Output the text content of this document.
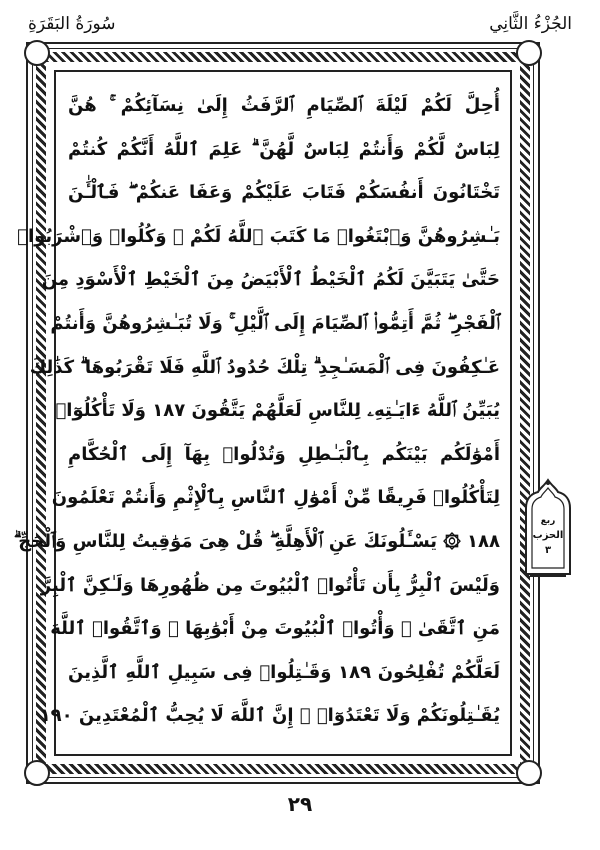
الجُزْءُ الثَّانِي
سُورَةُ البَقَرَةِ
أُحِلَّ لَكُمْ لَيْلَةَ ٱلصِّيَامِ ٱلرَّفَثُ إِلَىٰ نِسَآئِكُمْ ۚ هُنَّ
لِبَاسٌ لَّكُمْ وَأَنتُمْ لِبَاسٌ لَّهُنَّ ۗ عَلِمَ ٱللَّهُ أَنَّكُمْ كُنتُمْ
تَخْتَانُونَ أَنفُسَكُمْ فَتَابَ عَلَيْكُمْ وَعَفَا عَنكُمْ ۖ فَٱلْـَٰٔنَ
بَـٰشِرُوهُنَّ وَٱبْتَغُوا۟ مَا كَتَبَ ٱللَّهُ لَكُمْ ۚ وَكُلُوا۟ وَٱشْرَبُوا۟
حَتَّىٰ يَتَبَيَّنَ لَكُمُ ٱلْخَيْطُ ٱلْأَبْيَضُ مِنَ ٱلْخَيْطِ ٱلْأَسْوَدِ مِنَ
ٱلْفَجْرِ ۖ ثُمَّ أَتِمُّوا۟ ٱلصِّيَامَ إِلَى ٱلَّيْلِ ۚ وَلَا تُبَـٰشِرُوهُنَّ وَأَنتُمْ
عَـٰكِفُونَ فِى ٱلْمَسَـٰجِدِ ۗ تِلْكَ حُدُودُ ٱللَّهِ فَلَا تَقْرَبُوهَا ۗ كَذَٰلِكَ
يُبَيِّنُ ٱللَّهُ ءَايَـٰتِهِۦ لِلنَّاسِ لَعَلَّهُمْ يَتَّقُونَ ١٨٧ وَلَا تَأْكُلُوٓا۟
أَمْوَٰلَكُم بَيْنَكُم بِٱلْبَـٰطِلِ وَتُدْلُوا۟ بِهَآ إِلَى ٱلْحُكَّامِ
لِتَأْكُلُوا۟ فَرِيقًا مِّنْ أَمْوَٰلِ ٱلنَّاسِ بِٱلْإِثْمِ وَأَنتُمْ تَعْلَمُونَ
١٨٨ ۞ يَسْـَٔلُونَكَ عَنِ ٱلْأَهِلَّةِ ۖ قُلْ هِىَ مَوَٰقِيتُ لِلنَّاسِ وَٱلْحَجِّ ۗ
وَلَيْسَ ٱلْبِرُّ بِأَن تَأْتُوا۟ ٱلْبُيُوتَ مِن ظُهُورِهَا وَلَـٰكِنَّ ٱلْبِرَّ
مَنِ ٱتَّقَىٰ ۗ وَأْتُوا۟ ٱلْبُيُوتَ مِنْ أَبْوَٰبِهَا ۚ وَٱتَّقُوا۟ ٱللَّهَ
لَعَلَّكُمْ تُفْلِحُونَ ١٨٩ وَقَـٰتِلُوا۟ فِى سَبِيلِ ٱللَّهِ ٱلَّذِينَ
يُقَـٰتِلُونَكُمْ وَلَا تَعْتَدُوٓا۟ ۚ إِنَّ ٱللَّهَ لَا يُحِبُّ ٱلْمُعْتَدِينَ ١٩٠
ربع
الحزب
٣
٢٩
